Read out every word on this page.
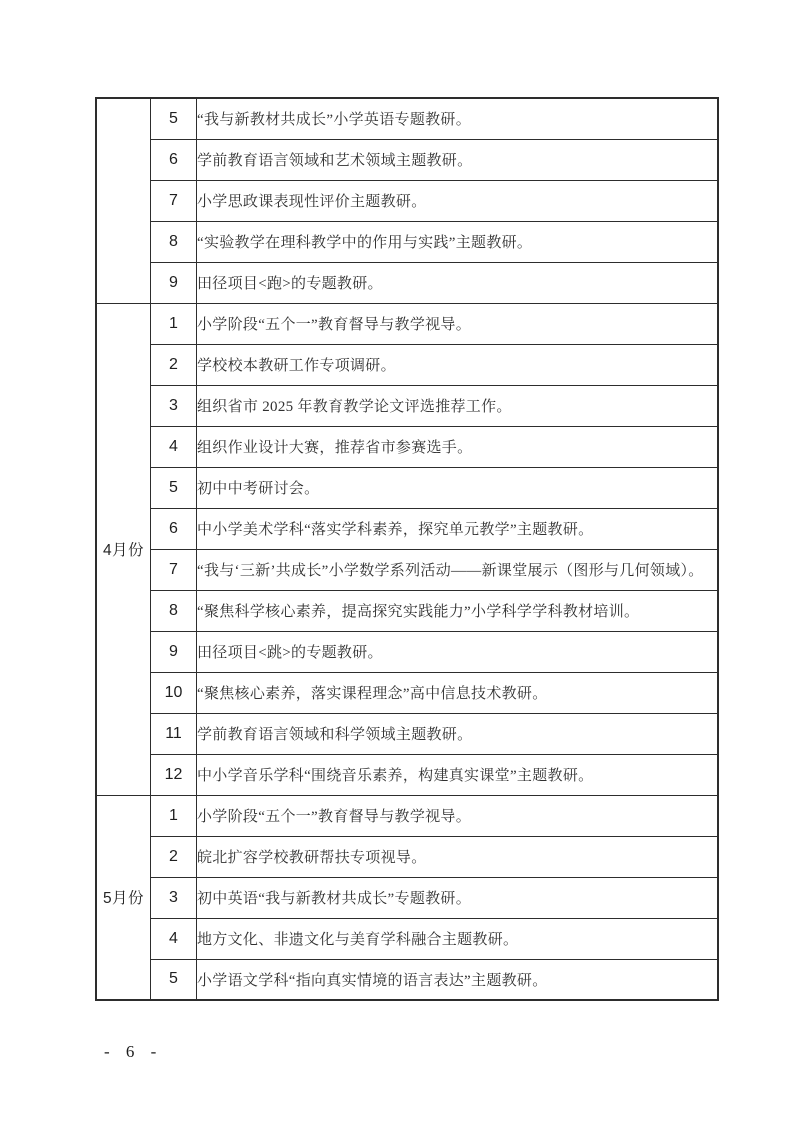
	5	“我与新教材共成长”小学英语专题教研。
	6	学前教育语言领域和艺术领域主题教研。
	7	小学思政课表现性评价主题教研。
	8	“实验教学在理科教学中的作用与实践”主题教研。
	9	田径项目<跑>的专题教研。
4月份	1	小学阶段“五个一”教育督导与教学视导。
	2	学校校本教研工作专项调研。
	3	组织省市 2025 年教育教学论文评选推荐工作。
	4	组织作业设计大赛，推荐省市参赛选手。
	5	初中中考研讨会。
	6	中小学美术学科“落实学科素养，探究单元教学”主题教研。
	7	“我与‘三新’共成长”小学数学系列活动——新课堂展示（图形与几何领域）。
	8	“聚焦科学核心素养，提高探究实践能力”小学科学学科教材培训。
	9	田径项目<跳>的专题教研。
	10	“聚焦核心素养，落实课程理念”高中信息技术教研。
	11	学前教育语言领域和科学领域主题教研。
	12	中小学音乐学科“围绕音乐素养，构建真实课堂”主题教研。
5月份	1	小学阶段“五个一”教育督导与教学视导。
	2	皖北扩容学校教研帮扶专项视导。
	3	初中英语“我与新教材共成长”专题教研。
	4	地方文化、非遗文化与美育学科融合主题教研。
	5	小学语文学科“指向真实情境的语言表达”主题教研。
- 6 -
